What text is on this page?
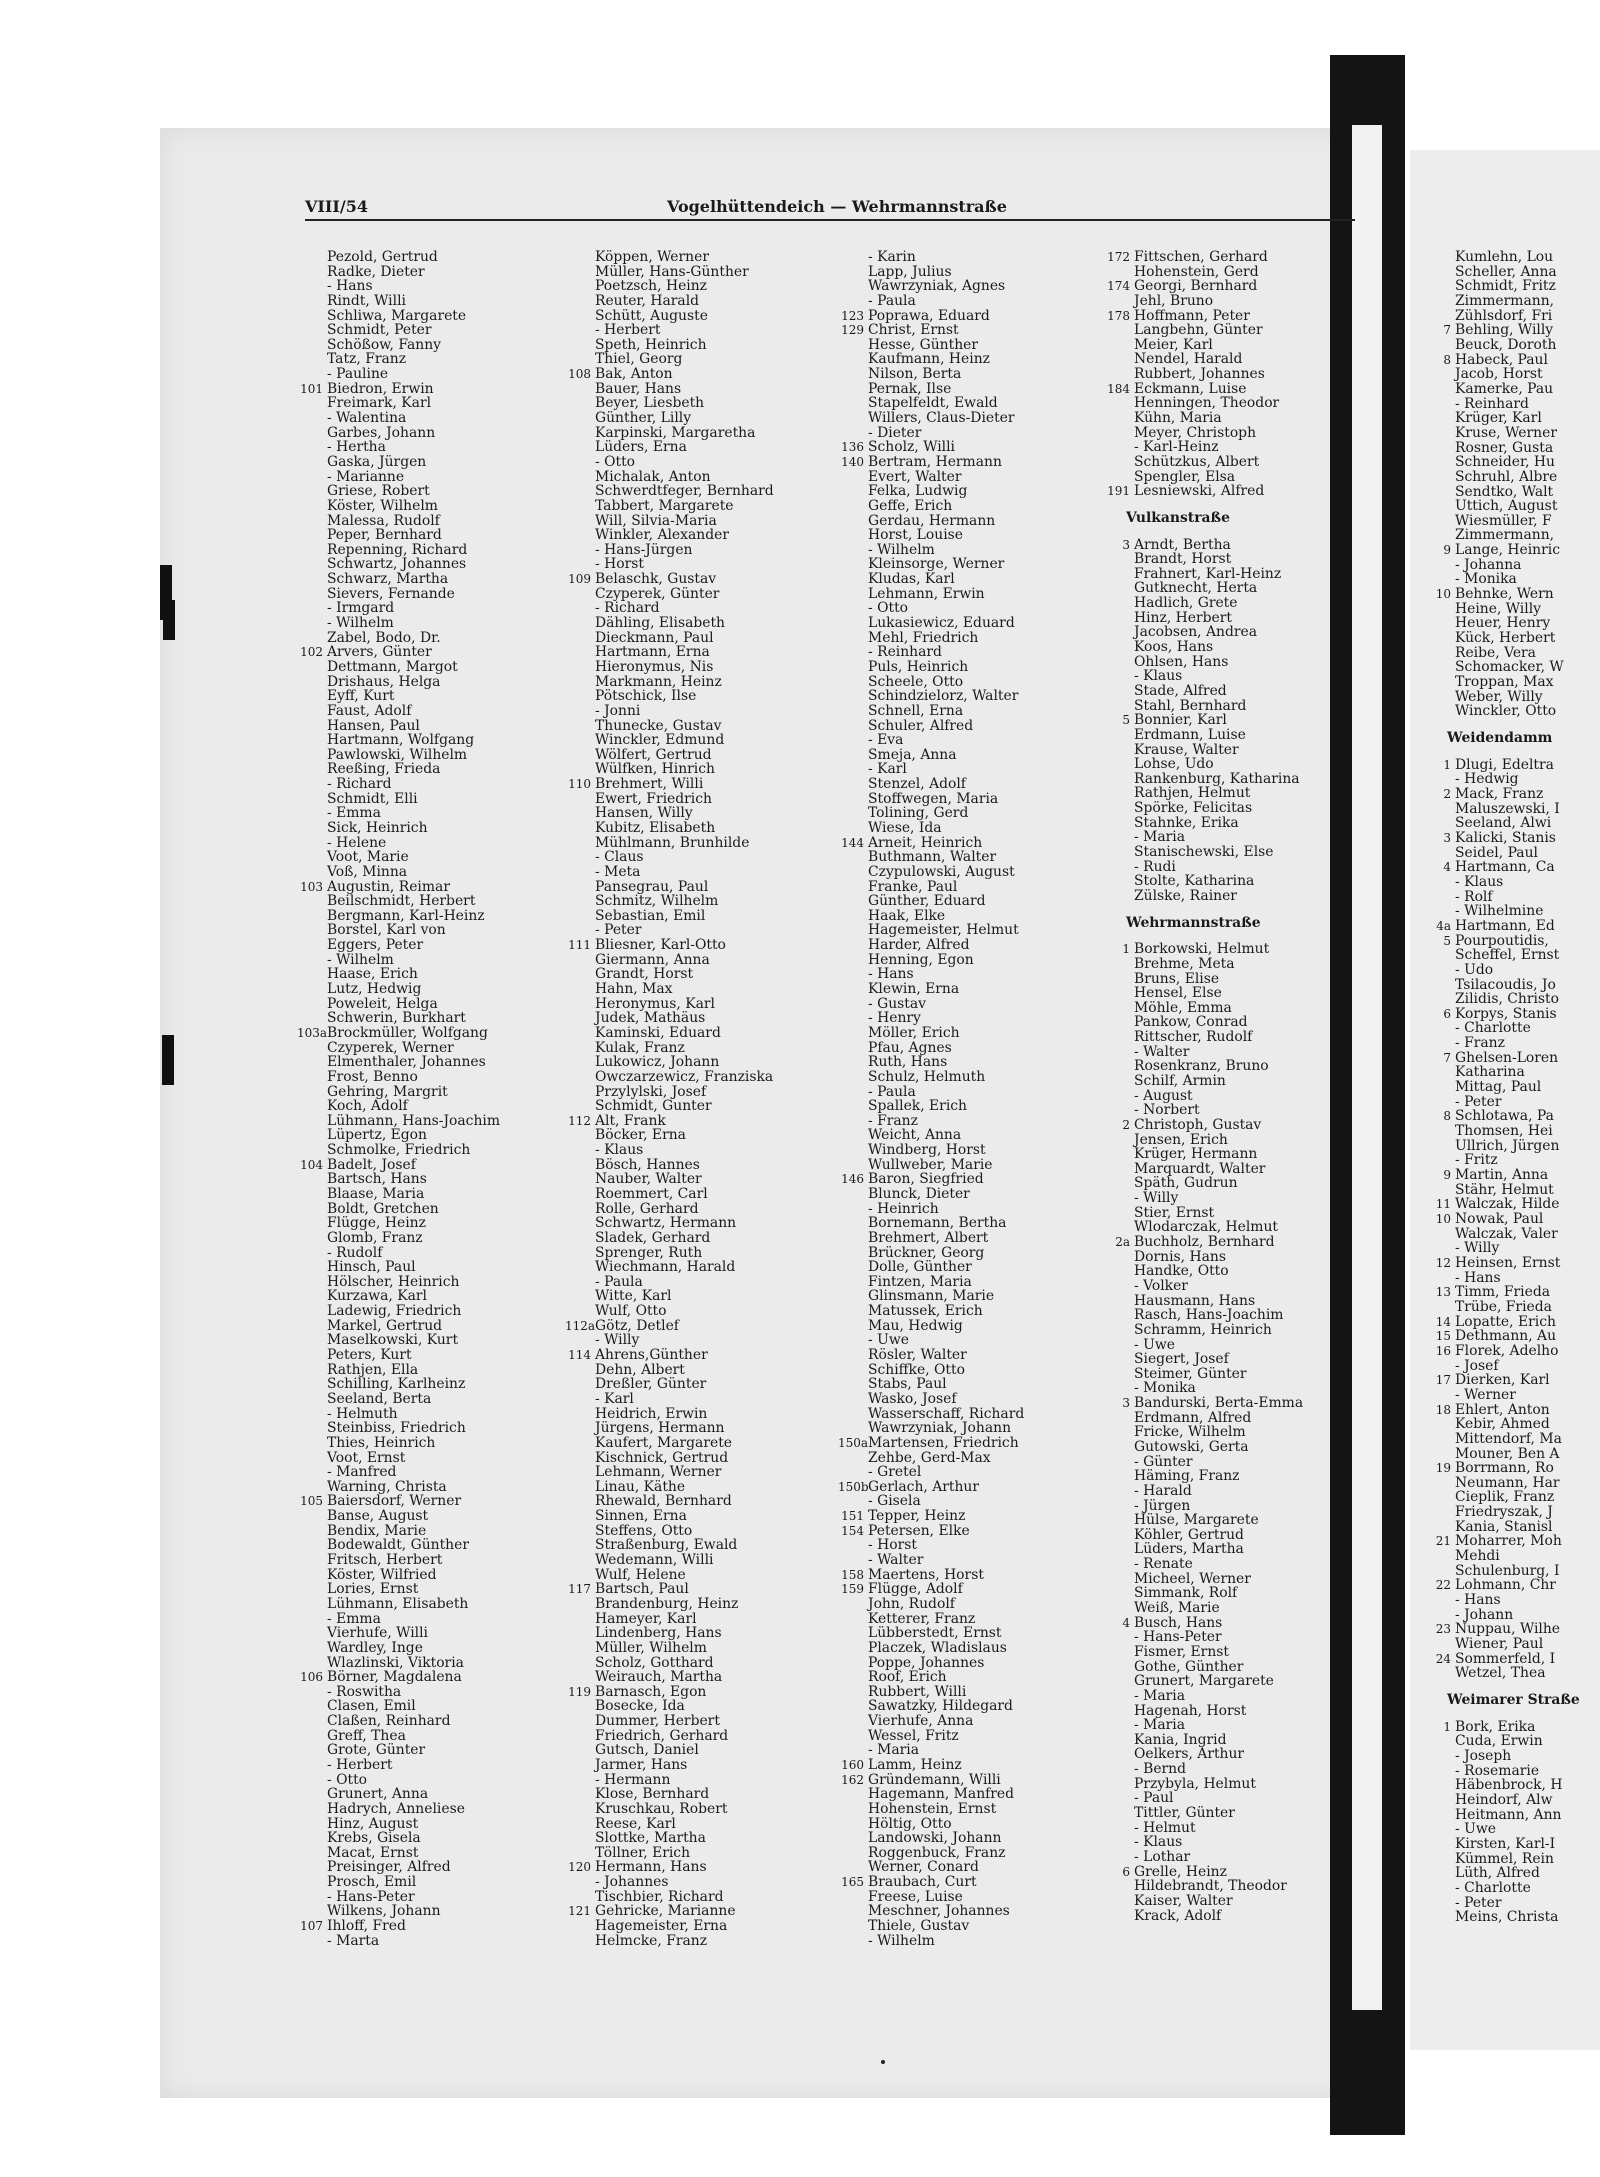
VIII/54	Vogelhüttendeich — Wehrmannstraße
Pezold, Gertrud
Radke, Dieter
- Hans
Rindt, Willi
Schliwa, Margarete
Schmidt, Peter
Schößow, Fanny
Tatz, Franz
- Pauline
101 Biedron, Erwin
Freimark, Karl
- Walentina
Garbes, Johann
- Hertha
Gaska, Jürgen
- Marianne
Griese, Robert
Köster, Wilhelm
Malessa, Rudolf
Peper, Bernhard
Repenning, Richard
Schwartz, Johannes
Schwarz, Martha
Sievers, Fernande
- Irmgard
- Wilhelm
Zabel, Bodo, Dr.
102 Arvers, Günter
Dettmann, Margot
Drishaus, Helga
Eyff, Kurt
Faust, Adolf
Hansen, Paul
Hartmann, Wolfgang
Pawlowski, Wilhelm
Reeßing, Frieda
- Richard
Schmidt, Elli
- Emma
Sick, Heinrich
- Helene
Voot, Marie
Voß, Minna
103 Augustin, Reimar
Beilschmidt, Herbert
Bergmann, Karl-Heinz
Borstel, Karl von
Eggers, Peter
- Wilhelm
Haase, Erich
Lutz, Hedwig
Poweleit, Helga
Schwerin, Burkhart
103aBrockmüller, Wolfgang
Czyperek, Werner
Elmenthaler, Johannes
Frost, Benno
Gehring, Margrit
Koch, Adolf
Lühmann, Hans-Joachim
Lüpertz, Egon
Schmolke, Friedrich
104 Badelt, Josef
Bartsch, Hans
Blaase, Maria
Boldt, Gretchen
Flügge, Heinz
Glomb, Franz
- Rudolf
Hinsch, Paul
Hölscher, Heinrich
Kurzawa, Karl
Ladewig, Friedrich
Markel, Gertrud
Maselkowski, Kurt
Peters, Kurt
Rathjen, Ella
Schilling, Karlheinz
Seeland, Berta
- Helmuth
Steinbiss, Friedrich
Thies, Heinrich
Voot, Ernst
- Manfred
Warning, Christa
105 Baiersdorf, Werner
Banse, August
Bendix, Marie
Bodewaldt, Günther
Fritsch, Herbert
Köster, Wilfried
Lories, Ernst
Lühmann, Elisabeth
- Emma
Vierhufe, Willi
Wardley, Inge
Wlazlinski, Viktoria
106 Börner, Magdalena
- Roswitha
Clasen, Emil
Claßen, Reinhard
Greff, Thea
Grote, Günter
- Herbert
- Otto
Grunert, Anna
Hadrych, Anneliese
Hinz, August
Krebs, Gisela
Macat, Ernst
Preisinger, Alfred
Prosch, Emil
- Hans-Peter
Wilkens, Johann
107 Ihloff, Fred
- Marta
Köppen, Werner
Müller, Hans-Günther
Poetzsch, Heinz
Reuter, Harald
Schütt, Auguste
- Herbert
Speth, Heinrich
Thiel, Georg
108 Bak, Anton
Bauer, Hans
Beyer, Liesbeth
Günther, Lilly
Karpinski, Margaretha
Lüders, Erna
- Otto
Michalak, Anton
Schwerdtfeger, Bernhard
Tabbert, Margarete
Will, Silvia-Maria
Winkler, Alexander
- Hans-Jürgen
- Horst
109 Belaschk, Gustav
Czyperek, Günter
- Richard
Dähling, Elisabeth
Dieckmann, Paul
Hartmann, Erna
Hieronymus, Nis
Markmann, Heinz
Pötschick, Ilse
- Jonni
Thunecke, Gustav
Winckler, Edmund
Wölfert, Gertrud
Wülfken, Hinrich
110 Brehmert, Willi
Ewert, Friedrich
Hansen, Willy
Kubitz, Elisabeth
Mühlmann, Brunhilde
- Claus
- Meta
Pansegrau, Paul
Schmitz, Wilhelm
Sebastian, Emil
- Peter
111 Bliesner, Karl-Otto
Giermann, Anna
Grandt, Horst
Hahn, Max
Heronymus, Karl
Judek, Mathäus
Kaminski, Eduard
Kulak, Franz
Lukowicz, Johann
Owczarzewicz, Franziska
Przylylski, Josef
Schmidt, Gunter
112 Alt, Frank
Böcker, Erna
- Klaus
Bösch, Hannes
Nauber, Walter
Roemmert, Carl
Rolle, Gerhard
Schwartz, Hermann
Sladek, Gerhard
Sprenger, Ruth
Wiechmann, Harald
- Paula
Witte, Karl
Wulf, Otto
112aGötz, Detlef
- Willy
114 Ahrens,Günther
Dehn, Albert
Dreßler, Günter
- Karl
Heidrich, Erwin
Jürgens, Hermann
Kaufert, Margarete
Kischnick, Gertrud
Lehmann, Werner
Linau, Käthe
Rhewald, Bernhard
Sinnen, Erna
Steffens, Otto
Straßenburg, Ewald
Wedemann, Willi
Wulf, Helene
117 Bartsch, Paul
Brandenburg, Heinz
Hameyer, Karl
Lindenberg, Hans
Müller, Wilhelm
Scholz, Gotthard
Weirauch, Martha
119 Barnasch, Egon
Bosecke, Ida
Dummer, Herbert
Friedrich, Gerhard
Gutsch, Daniel
Jarmer, Hans
- Hermann
Klose, Bernhard
Kruschkau, Robert
Reese, Karl
Slottke, Martha
Töllner, Erich
120 Hermann, Hans
- Johannes
Tischbier, Richard
121 Gehricke, Marianne
Hagemeister, Erna
Helmcke, Franz
- Karin
Lapp, Julius
Wawrzyniak, Agnes
- Paula
123 Poprawa, Eduard
129 Christ, Ernst
Hesse, Günther
Kaufmann, Heinz
Nilson, Berta
Pernak, Ilse
Stapelfeldt, Ewald
Willers, Claus-Dieter
- Dieter
136 Scholz, Willi
140 Bertram, Hermann
Evert, Walter
Felka, Ludwig
Geffe, Erich
Gerdau, Hermann
Horst, Louise
- Wilhelm
Kleinsorge, Werner
Kludas, Karl
Lehmann, Erwin
- Otto
Lukasiewicz, Eduard
Mehl, Friedrich
- Reinhard
Puls, Heinrich
Scheele, Otto
Schindzielorz, Walter
Schnell, Erna
Schuler, Alfred
- Eva
Smeja, Anna
- Karl
Stenzel, Adolf
Stoffwegen, Maria
Tolining, Gerd
Wiese, Ida
144 Arneit, Heinrich
Buthmann, Walter
Czypulowski, August
Franke, Paul
Günther, Eduard
Haak, Elke
Hagemeister, Helmut
Harder, Alfred
Henning, Egon
- Hans
Klewin, Erna
- Gustav
- Henry
Möller, Erich
Pfau, Agnes
Ruth, Hans
Schulz, Helmuth
- Paula
Spallek, Erich
- Franz
Weicht, Anna
Windberg, Horst
Wullweber, Marie
146 Baron, Siegfried
Blunck, Dieter
- Heinrich
Bornemann, Bertha
Brehmert, Albert
Brückner, Georg
Dolle, Günther
Fintzen, Maria
Glinsmann, Marie
Matussek, Erich
Mau, Hedwig
- Uwe
Rösler, Walter
Schiffke, Otto
Stabs, Paul
Wasko, Josef
Wasserschaff, Richard
Wawrzyniak, Johann
150aMartensen, Friedrich
Zehbe, Gerd-Max
- Gretel
150bGerlach, Arthur
- Gisela
151 Tepper, Heinz
154 Petersen, Elke
- Horst
- Walter
158 Maertens, Horst
159 Flügge, Adolf
John, Rudolf
Ketterer, Franz
Lübberstedt, Ernst
Placzek, Wladislaus
Poppe, Johannes
Roof, Erich
Rubbert, Willi
Sawatzky, Hildegard
Vierhufe, Anna
Wessel, Fritz
- Maria
160 Lamm, Heinz
162 Gründemann, Willi
Hagemann, Manfred
Hohenstein, Ernst
Höltig, Otto
Landowski, Johann
Roggenbuck, Franz
Werner, Conard
165 Braubach, Curt
Freese, Luise
Meschner, Johannes
Thiele, Gustav
- Wilhelm
172 Fittschen, Gerhard
Hohenstein, Gerd
174 Georgi, Bernhard
Jehl, Bruno
178 Hoffmann, Peter
Langbehn, Günter
Meier, Karl
Nendel, Harald
Rubbert, Johannes
184 Eckmann, Luise
Henningen, Theodor
Kühn, Maria
Meyer, Christoph
- Karl-Heinz
Schützkus, Albert
Spengler, Elsa
191 Lesniewski, Alfred
Vulkanstraße
3 Arndt, Bertha
Brandt, Horst
Frahnert, Karl-Heinz
Gutknecht, Herta
Hadlich, Grete
Hinz, Herbert
Jacobsen, Andrea
Koos, Hans
Ohlsen, Hans
- Klaus
Stade, Alfred
Stahl, Bernhard
5 Bonnier, Karl
Erdmann, Luise
Krause, Walter
Lohse, Udo
Rankenburg, Katharina
Rathjen, Helmut
Spörke, Felicitas
Stahnke, Erika
- Maria
Stanischewski, Else
- Rudi
Stolte, Katharina
Zülske, Rainer
Wehrmannstraße
1 Borkowski, Helmut
Brehme, Meta
Bruns, Elise
Hensel, Else
Möhle, Emma
Pankow, Conrad
Rittscher, Rudolf
- Walter
Rosenkranz, Bruno
Schilf, Armin
- August
- Norbert
2 Christoph, Gustav
Jensen, Erich
Krüger, Hermann
Marquardt, Walter
Späth, Gudrun
- Willy
Stier, Ernst
Wlodarczak, Helmut
2a Buchholz, Bernhard
Dornis, Hans
Handke, Otto
- Volker
Hausmann, Hans
Rasch, Hans-Joachim
Schramm, Heinrich
- Uwe
Siegert, Josef
Steimer, Günter
- Monika
3 Bandurski, Berta-Emma
Erdmann, Alfred
Fricke, Wilhelm
Gutowski, Gerta
- Günter
Häming, Franz
- Harald
- Jürgen
Hülse, Margarete
Köhler, Gertrud
Lüders, Martha
- Renate
Micheel, Werner
Simmank, Rolf
Weiß, Marie
4 Busch, Hans
- Hans-Peter
Fismer, Ernst
Gothe, Günther
Grunert, Margarete
- Maria
Hagenah, Horst
- Maria
Kania, Ingrid
Oelkers, Arthur
- Bernd
Przybyla, Helmut
- Paul
Tittler, Günter
- Helmut
- Klaus
- Lothar
6 Grelle, Heinz
Hildebrandt, Theodor
Kaiser, Walter
Krack, Adolf
Kumlehn, Lou
Scheller, Anna
Schmidt, Fritz
Zimmermann,
Zühlsdorf, Fri
7 Behling, Willy
Beuck, Doroth
8 Habeck, Paul
Jacob, Horst
Kamerke, Pau
- Reinhard
Krüger, Karl
Kruse, Werner
Rosner, Gusta
Schneider, Hu
Schruhl, Albre
Sendtko, Walt
Uttich, August
Wiesmüller, F
Zimmermann,
9 Lange, Heinric
- Johanna
- Monika
10 Behnke, Wern
Heine, Willy
Heuer, Henry
Kück, Herbert
Reibe, Vera
Schomacker, W
Troppan, Max
Weber, Willy
Winckler, Otto
Weidendamm
1 Dlugi, Edeltra
- Hedwig
2 Mack, Franz
Maluszewski, I
Seeland, Alwi
3 Kalicki, Stanis
Seidel, Paul
4 Hartmann, Ca
- Klaus
- Rolf
- Wilhelmine
4a Hartmann, Ed
5 Pourpoutidis,
Scheffel, Ernst
- Udo
Tsilacoudis, Jo
Zilidis, Christo
6 Korpys, Stanis
- Charlotte
- Franz
7 Ghelsen-Loren
Katharina
Mittag, Paul
- Peter
8 Schlotawa, Pa
Thomsen, Hei
Ullrich, Jürgen
- Fritz
9 Martin, Anna
Stähr, Helmut
11 Walczak, Hilde
10 Nowak, Paul
Walczak, Valer
- Willy
12 Heinsen, Ernst
- Hans
13 Timm, Frieda
Trübe, Frieda
14 Lopatte, Erich
15 Dethmann, Au
16 Florek, Adelho
- Josef
17 Dierken, Karl
- Werner
18 Ehlert, Anton
Kebir, Ahmed
Mittendorf, Ma
Mouner, Ben A
19 Borrmann, Ro
Neumann, Har
Cieplik, Franz
Friedryszak, J
Kania, Stanisl
21 Moharrer, Moh
Mehdi
Schulenburg, I
22 Lohmann, Chr
- Hans
- Johann
23 Nuppau, Wilhe
Wiener, Paul
24 Sommerfeld, I
Wetzel, Thea
Weimarer Straße
1 Bork, Erika
Cuda, Erwin
- Joseph
- Rosemarie
Häbenbrock, H
Heindorf, Alw
Heitmann, Ann
- Uwe
Kirsten, Karl-I
Kümmel, Rein
Lüth, Alfred
- Charlotte
- Peter
Meins, Christa
